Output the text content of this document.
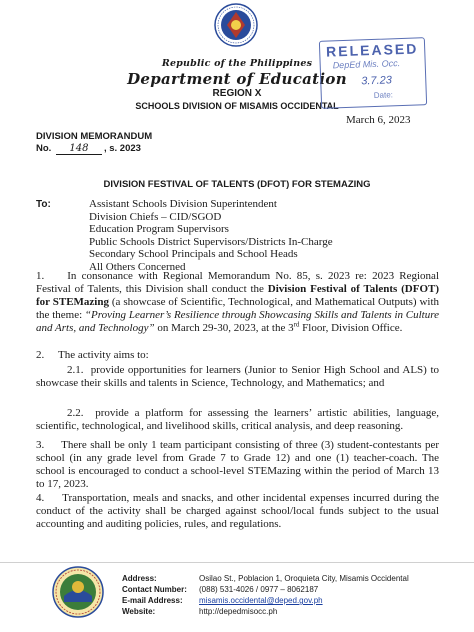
Republic of the Philippines
Department of Education
REGION X
SCHOOLS DIVISION OF MISAMIS OCCIDENTAL
RELEASED
DepEd Mis. Occ.
3.7.23
Date:
March 6, 2023
DIVISION MEMORANDUM
No. 148 , s. 2023
DIVISION FESTIVAL OF TALENTS (DFOT) FOR STEMAZING
To:	Assistant Schools Division Superintendent
Division Chiefs – CID/SGOD
Education Program Supervisors
Public Schools District Supervisors/Districts In-Charge
Secondary School Principals and School Heads
All Others Concerned

1. In consonance with Regional Memorandum No. 85, s. 2023 re: 2023 Regional Festival of Talents, this Division shall conduct the Division Festival of Talents (DFOT) for STEMazing (a showcase of Scientific, Technological, and Mathematical Outputs) with the theme: “Proving Learner’s Resilience through Showcasing Skills and Talents in Culture and Arts, and Technology” on March 29-30, 2023, at the 3rd Floor, Division Office.

2.     The activity aims to:

2.1.  provide opportunities for learners (Junior to Senior High School and ALS) to showcase their skills and talents in Science, Technology, and Mathematics; and

2.2.  provide a platform for assessing the learners’ artistic abilities, language, scientific, technological, and livelihood skills, critical analysis, and deep reasoning.

3.     There shall be only 1 team participant consisting of three (3) student-contestants per school (in any grade level from Grade 7 to Grade 12) and one (1) teacher-coach. The school is encouraged to conduct a school-level STEMazing within the period of March 13 to 17, 2023.

4.     Transportation, meals and snacks, and other incidental expenses incurred during the conduct of the activity shall be charged against school/local funds subject to the usual accounting and auditing policies, rules, and regulations.

Address:	Osilao St., Poblacion 1, Oroquieta City, Misamis Occidental
Contact Number: (088) 531-4026 / 0977 – 8062187
E-mail Address: misamis.occidental@deped.gov.ph
Website:	http://depedmisocc.ph
